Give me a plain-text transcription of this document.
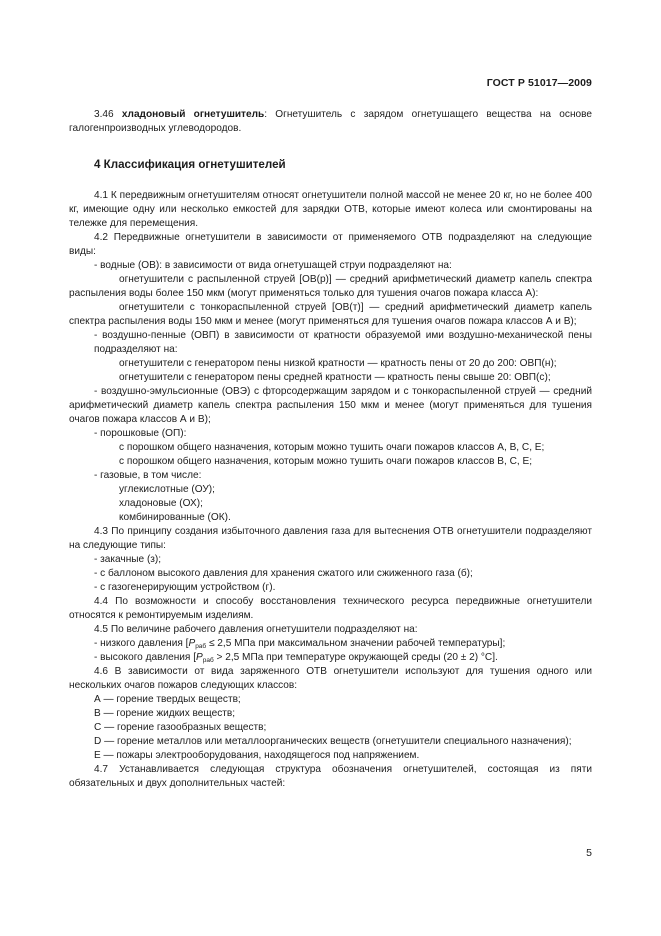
ГОСТ Р 51017—2009

3.46 хладоновый огнетушитель: Огнетушитель с зарядом огнетушащего вещества на основе галогенпроизводных углеводородов.

4 Классификация огнетушителей

4.1 К передвижным огнетушителям относят огнетушители полной массой не менее 20 кг, но не более 400 кг, имеющие одну или несколько емкостей для зарядки ОТВ, которые имеют колеса или смонтированы на тележке для перемещения.

4.2 Передвижные огнетушители в зависимости от применяемого ОТВ подразделяют на следующие виды:

- водные (ОВ): в зависимости от вида огнетушащей струи подразделяют на:

огнетушители с распыленной струей [ОВ(р)] — средний арифметический диаметр капель спектра распыления воды более 150 мкм (могут применяться только для тушения очагов пожара класса А):

огнетушители с тонкораспыленной струей [ОВ(т)] — средний арифметический диаметр капель спектра распыления воды 150 мкм и менее (могут применяться для тушения очагов пожара классов А и В);

- воздушно-пенные (ОВП) в зависимости от кратности образуемой ими воздушно-механической пены подразделяют на:

огнетушители с генератором пены низкой кратности — кратность пены от 20 до 200: ОВП(н);

огнетушители с генератором пены средней кратности — кратность пены свыше 20: ОВП(с);

- воздушно-эмульсионные (ОВЭ) с фторсодержащим зарядом и с тонкораспыленной струей — средний арифметический диаметр капель спектра распыления 150 мкм и менее (могут применяться для тушения очагов пожара классов А и В);

- порошковые (ОП):

с порошком общего назначения, которым можно тушить очаги пожаров классов А, В, С, Е;

с порошком общего назначения, которым можно тушить очаги пожаров классов В, С, Е;

- газовые, в том числе:

углекислотные (ОУ);

хладоновые (ОХ);

комбинированные (ОК).

4.3 По принципу создания избыточного давления газа для вытеснения ОТВ огнетушители подразделяют на следующие типы:

- закачные (з);

- с баллоном высокого давления для хранения сжатого или сжиженного газа (б);

- с газогенерирующим устройством (г).

4.4 По возможности и способу восстановления технического ресурса передвижные огнетушители относятся к ремонтируемым изделиям.

4.5 По величине рабочего давления огнетушители подразделяют на:

- низкого давления [$P_{раб} \le 2,5$ МПа при максимальном значении рабочей температуры];

- высокого давления [$P_{раб} > 2,5$ МПа при температуре окружающей среды (20 ± 2) °С].

4.6 В зависимости от вида заряженного ОТВ огнетушители используют для тушения одного или нескольких очагов пожаров следующих классов:

А — горение твердых веществ;

В — горение жидких веществ;

С — горение газообразных веществ;

D — горение металлов или металлоорганических веществ (огнетушители специального назначения);

Е — пожары электрооборудования, находящегося под напряжением.

4.7 Устанавливается следующая структура обозначения огнетушителей, состоящая из пяти обязательных и двух дополнительных частей:

5
